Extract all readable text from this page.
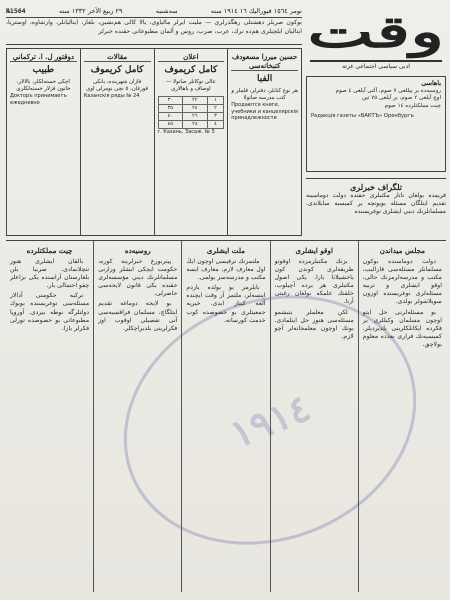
نومر ١٥٦٤ فيوراليك ١٦ ١٩١٤ سنه
سه‌شنبه
٢٩ ربيع الآخر ١٣٣٢ سنه
№1564
بوكون صربلر دهشتلى رهگذرلرى — مليت ايرلر مالياوى، يالا كالى هم‌نشين، بلغار، ايتاليانلر، وارشاوه، اوستريا، ايتاليان ايلچيلرى هم‌ده ترك، عرب، صرب، روس و آلمان مطبوعاتى حقنده خبرلر وقت
ادبى سياسى اجتماعى غزته
باهاسى
روسيه‌ده بر ييللغى ٧ صوم، آلتى آيلغى ٤ صوم
اوچ آيلغى ٢ صوم، بر آيلغى ٧٥ تين
چيت مملكتلرده ١٤ صوم
Редакція газеты «ВАКТЪ» Оренбургъ
تلگراف خبرلرى
قريمده بولغان تاتار مكتبلرى حقنده دولت دوماسينه تقديم ايتلگان مسئله بويونچه بر كميسيه سايلاندى. مسلمانلرنك ديني ايشلرى توغريسنده
حسين ميرزا مسعودف كتبخانه‌سى
الفبا
هر نوع كتابلر، دفترلر، قلملر و كتب مدرسه صاتولا
Продаются книги, учебники и канцелярскія принадлежности
اعلان
كامل كريموف
عالى توكانلر صاتولا — اوصاف و باهالارى
١	٢٢	٣٠
٢	٢٤	٣٥
٣	٢٦	٤٠
٤	٢٨	٤٥
г. Казань, Засаж. № 5
مقالات
كامل كريموف
قازان شهرينده، يانكى قورغان، ٥ نچى نومرلى اوى
Казанскія ряды № 24
دوقتور ل. ا. تركماني
طبيب
اچكى خسته‌لكلر، بالالار، خاتون قزلار خسته‌لكلرى
Докторъ принимаетъ ежедневно
مجلس ميداندن

دولت دوماسنده بوكون مسلمانلر مسئله‌سى قاراليب، مكتب و مدرسه‌لرمزنك حالى، اوقو ايشلرى و تربيه مسئله‌لرى توغريسنده اوزون سويلاشولر بولدى.

بو مسئله‌لرنى حل ايتو اوچون مسلمان وكيللرى بر فكرده ايكانلكلرينى بلديرديلر. كميسيه‌نك قرارى بعدده معلوم بولاچق.

اوقو ايشلرى

بزنك مكتبلرمزده اوقوتو طريقه‌لرى كوندن كون ياخشيلانا بارا. يكى اصول مكتبلرى هر يرده آچيلوب، خلقنك علمكه بولغان رغبتى آرتا.

لكن معلملر يتيشمو مسئله‌سى هنوز حل ايتلمادى. بونك اوچون معلمخانه‌لر آچو لازم.

ملت ايشلرى

ملتمزنك ترقيسى اوچون ايڭ اول معارف لازم. معارف ايسه مكتب و مدرسه‌سز بولمى.

بايلرمز بو يولده ياردم ايتسه‌لر، ملتمز آز وقت ايچنده آلغه كيتار ايدى. خيريه جمعيتلرى بو خصوصده كوب خدمت كورساته.

روسيه‌ده

پيتربورغ خبرلرينه كوره، حكومت ايچكى ايشلر وزارتى مسلمانلرنك ديني مؤسسه‌لرى حقنده يكى قانون لايحه‌سى حاضرلى.

بو لايحه دوماغه تقديم ايتلگاچ، مسلمان فراقسيه‌سى آنى تفصيلى اوقوب اوز فكرلرينى بلديراچكلر.

چيت مملكتلرده

بالقان ايشلرى هنوز تنچلانمادى. صربيا بلن بلغارستان آراسنده يكى نزاعلر چقو احتمالى بار.

تركيه حكومتى آدالار مسئله‌سى توغريسنده بويوك دولتلرگه نوطه بيردى. آوروپا مطبوعاتى بو خصوصده تورلى فكرلر يازا.

١٩١٤
